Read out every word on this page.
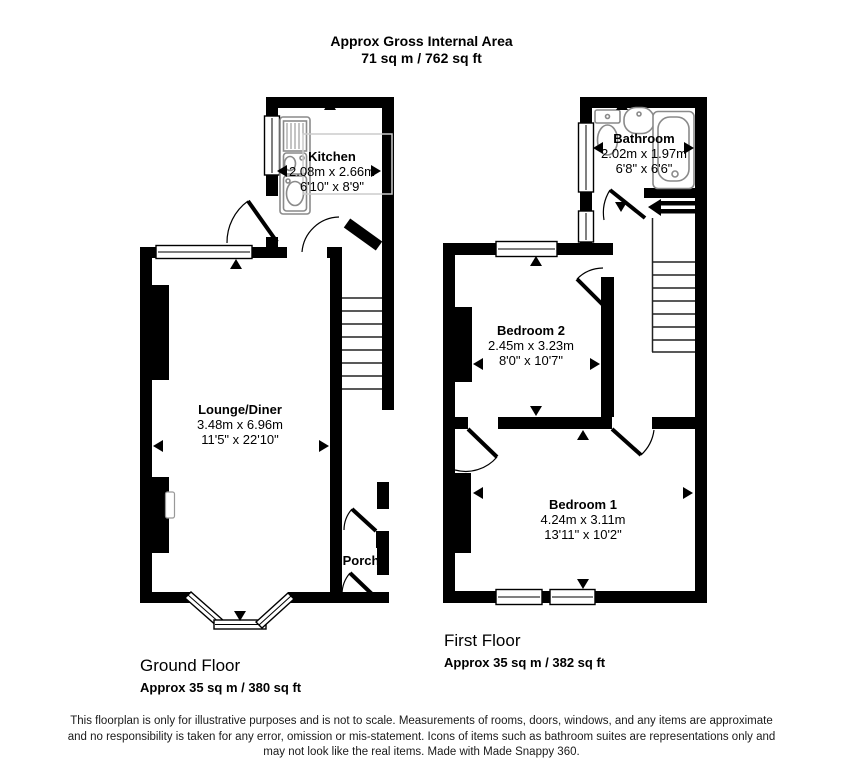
Approx Gross Internal Area
71 sq m / 762 sq ft
Kitchen
2.08m x 2.66m
6'10" x 8'9"
Lounge/Diner
3.48m x 6.96m
11'5" x 22'10"
Porch
Bathroom
2.02m x 1.97m
6'8" x 6'6"
Bedroom 2
2.45m x 3.23m
8'0" x 10'7"
Bedroom 1
4.24m x 3.11m
13'11" x 10'2"
Ground Floor
Approx 35 sq m / 380 sq ft
First Floor
Approx 35 sq m / 382 sq ft
This floorplan is only for illustrative purposes and is not to scale. Measurements of rooms, doors, windows, and any items are approximate and no responsibility is taken for any error, omission or mis-statement. Icons of items such as bathroom suites are representations only and may not look like the real items. Made with Made Snappy 360.
